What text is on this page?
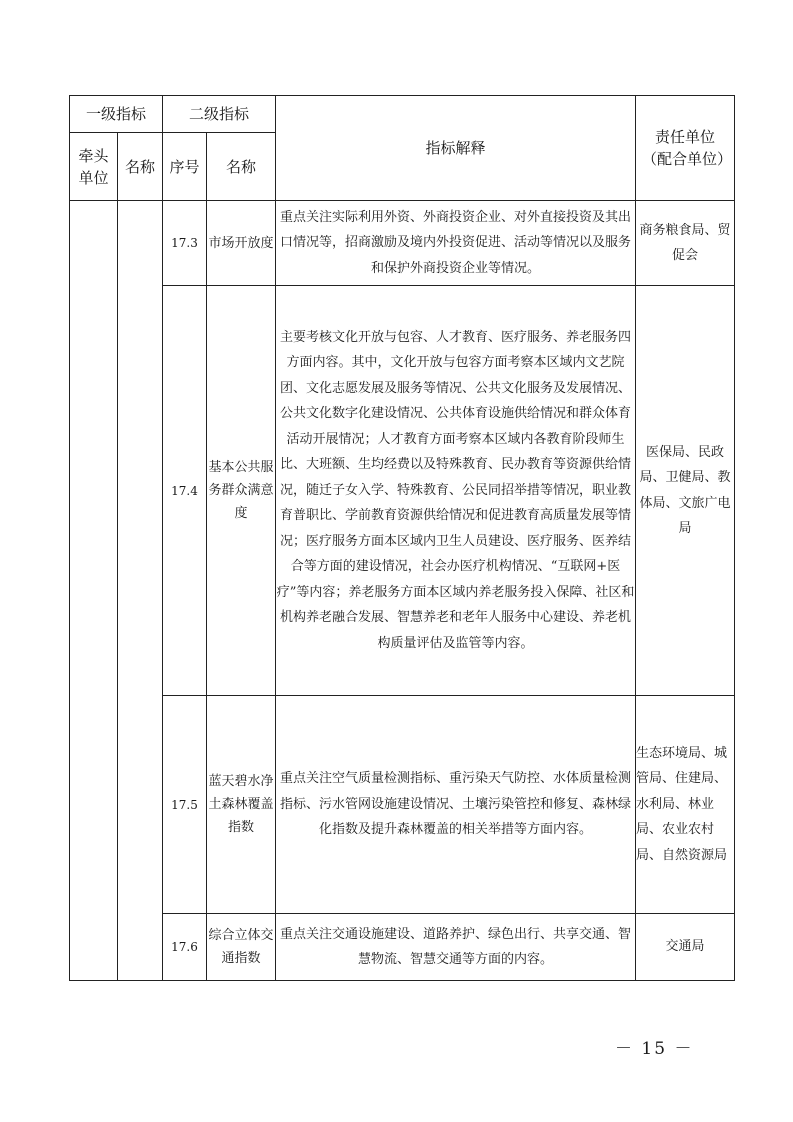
一级指标		二级指标		指标解释	责任单位（配合单位）
牵头单位	名称	序号	名称		
		17.3	市场开放度	重点关注实际利用外资、外商投资企业、对外直接投资及其出口情况等，招商激励及境内外投资促进、活动等情况以及服务和保护外商投资企业等情况。	商务粮食局、贸促会
		17.4	基本公共服务群众满意度	主要考核文化开放与包容、人才教育、医疗服务、养老服务四方面内容。其中，文化开放与包容方面考察本区域内文艺院团、文化志愿发展及服务等情况、公共文化服务及发展情况、公共文化数字化建设情况、公共体育设施供给情况和群众体育活动开展情况；人才教育方面考察本区域内各教育阶段师生比、大班额、生均经费以及特殊教育、民办教育等资源供给情况，随迁子女入学、特殊教育、公民同招举措等情况，职业教育普职比、学前教育资源供给情况和促进教育高质量发展等情况；医疗服务方面本区域内卫生人员建设、医疗服务、医养结合等方面的建设情况，社会办医疗机构情况、“互联网+医疗”等内容；养老服务方面本区域内养老服务投入保障、社区和机构养老融合发展、智慧养老和老年人服务中心建设、养老机构质量评估及监管等内容。	医保局、民政局、卫健局、教体局、文旅广电局
		17.5	蓝天碧水净土森林覆盖指数	重点关注空气质量检测指标、重污染天气防控、水体质量检测指标、污水管网设施建设情况、土壤污染管控和修复、森林绿化指数及提升森林覆盖的相关举措等方面内容。	生态环境局、城管局、住建局、水利局、林业局、农业农村局、自然资源局
		17.6	综合立体交通指数	重点关注交通设施建设、道路养护、绿色出行、共享交通、智慧物流、智慧交通等方面的内容。	交通局
－ 15 －
